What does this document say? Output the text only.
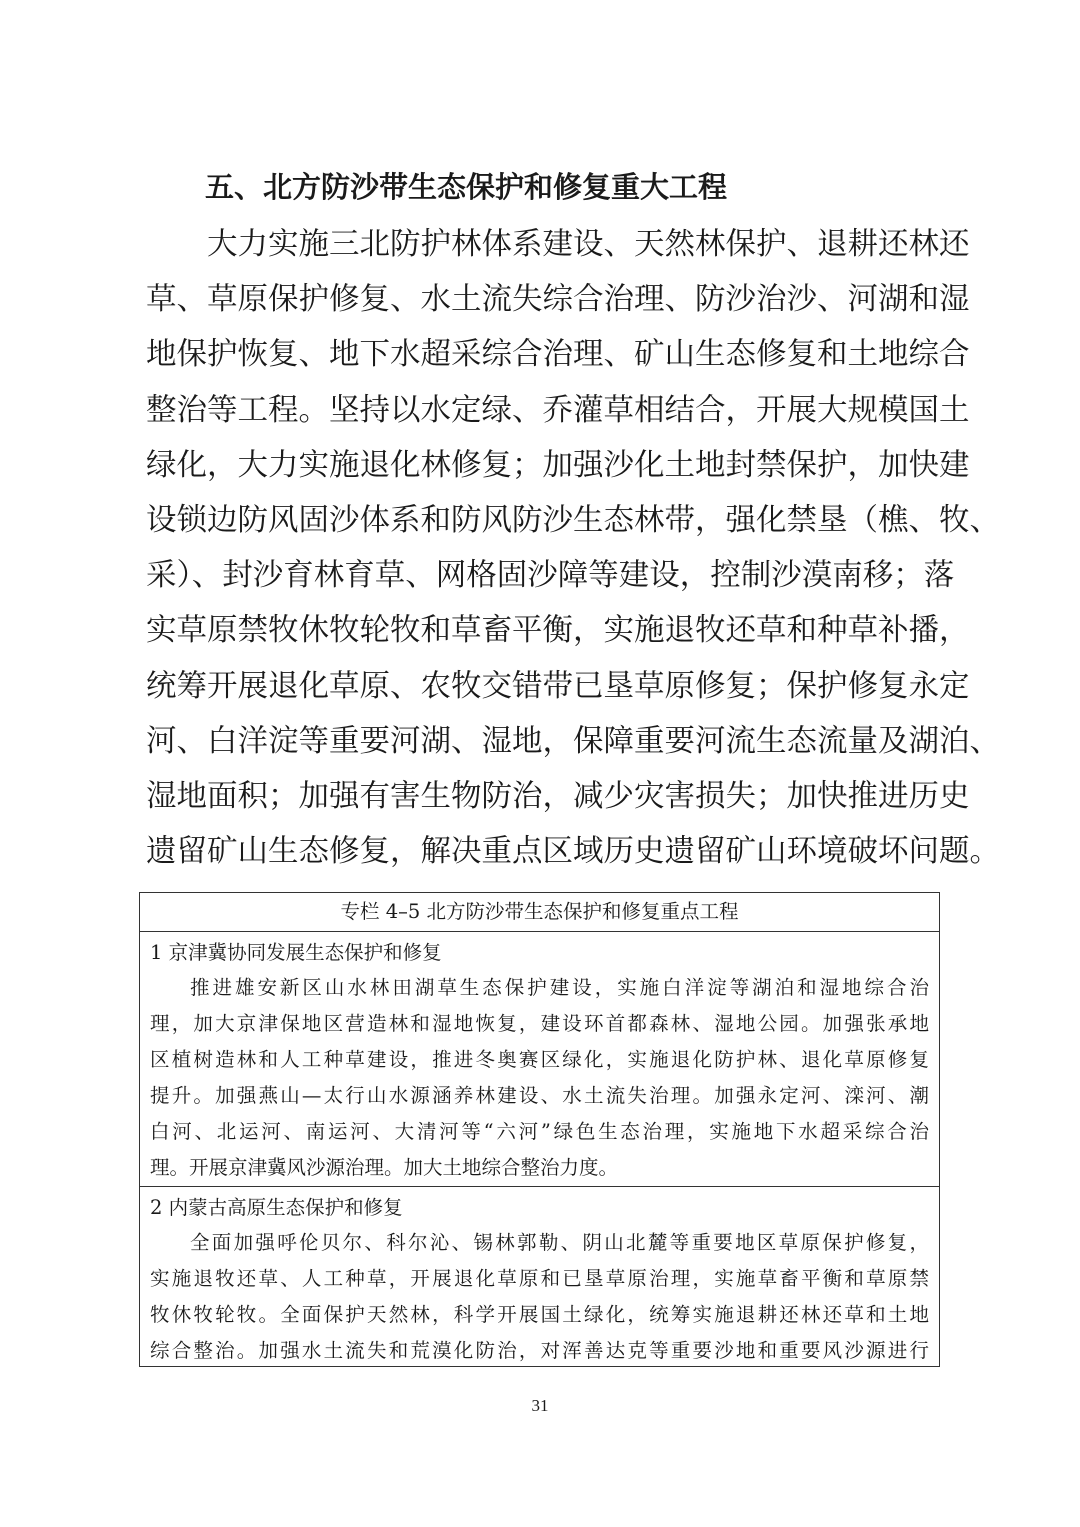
五、北方防沙带生态保护和修复重大工程
　　大力实施三北防护林体系建设、天然林保护、退耕还林还
草、草原保护修复、水土流失综合治理、防沙治沙、河湖和湿
地保护恢复、地下水超采综合治理、矿山生态修复和土地综合
整治等工程。坚持以水定绿、乔灌草相结合，开展大规模国土
绿化，大力实施退化林修复；加强沙化土地封禁保护，加快建
设锁边防风固沙体系和防风防沙生态林带，强化禁垦（樵、牧、
采）、封沙育林育草、网格固沙障等建设，控制沙漠南移；落
实草原禁牧休牧轮牧和草畜平衡，实施退牧还草和种草补播，
统筹开展退化草原、农牧交错带已垦草原修复；保护修复永定
河、白洋淀等重要河湖、湿地，保障重要河流生态流量及湖泊、
湿地面积；加强有害生物防治，减少灾害损失；加快推进历史
遗留矿山生态修复，解决重点区域历史遗留矿山环境破坏问题。
专栏 4–5 北方防沙带生态保护和修复重点工程
1 京津冀协同发展生态保护和修复
推进雄安新区山水林田湖草生态保护建设，实施白洋淀等湖泊和湿地综合治
理，加大京津保地区营造林和湿地恢复，建设环首都森林、湿地公园。加强张承地
区植树造林和人工种草建设，推进冬奥赛区绿化，实施退化防护林、退化草原修复
提升。加强燕山—太行山水源涵养林建设、水土流失治理。加强永定河、滦河、潮
白河、北运河、南运河、大清河等“六河”绿色生态治理，实施地下水超采综合治
理。开展京津冀风沙源治理。加大土地综合整治力度。
2 内蒙古高原生态保护和修复
全面加强呼伦贝尔、科尔沁、锡林郭勒、阴山北麓等重要地区草原保护修复，
实施退牧还草、人工种草，开展退化草原和已垦草原治理，实施草畜平衡和草原禁
牧休牧轮牧。全面保护天然林，科学开展国土绿化，统筹实施退耕还林还草和土地
综合整治。加强水土流失和荒漠化防治，对浑善达克等重要沙地和重要风沙源进行
31
